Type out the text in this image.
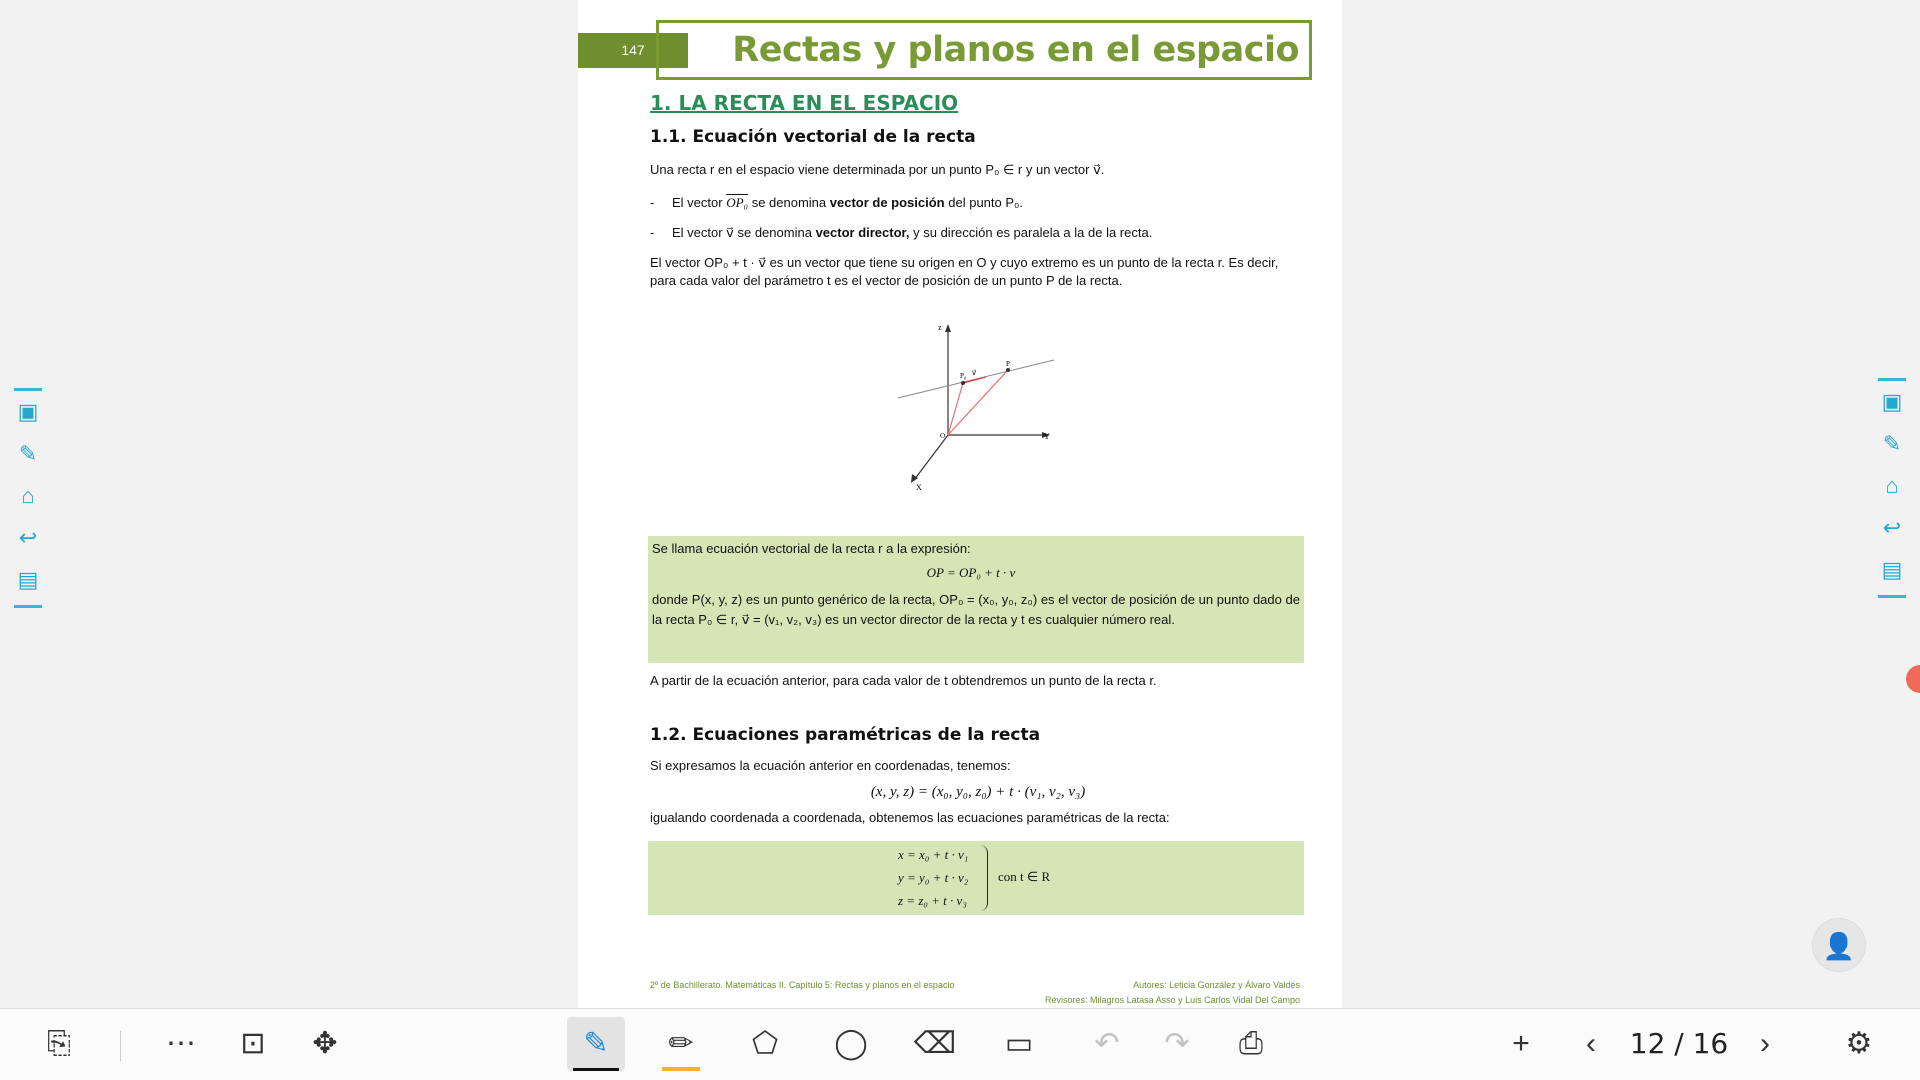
147	Rectas y planos en el espacio
1. LA RECTA EN EL ESPACIO
1.1. Ecuación vectorial de la recta
Una recta r en el espacio viene determinada por un punto P₀ ∈ r y un vector v⃗.
- El vector OP₀ se denomina vector de posición del punto P₀.
- El vector v⃗ se denomina vector director, y su dirección es paralela a la de la recta.
El vector OP₀ + t · v⃗ es un vector que tiene su origen en O y cuyo extremo es un punto de la recta r. Es decir, para cada valor del parámetro t es el vector de posición de un punto P de la recta.
z
Y
X
O
P₀
P
v⃗
Se llama ecuación vectorial de la recta r a la expresión:
OP = OP₀ + t · v⃗
donde P(x, y, z) es un punto genérico de la recta, OP₀ = (x₀, y₀, z₀) es el vector de posición de un punto dado de la recta P₀ ∈ r, v⃗ = (v₁, v₂, v₃) es un vector director de la recta y t es cualquier número real.
A partir de la ecuación anterior, para cada valor de t obtendremos un punto de la recta r.
1.2. Ecuaciones paramétricas de la recta
Si expresamos la ecuación anterior en coordenadas, tenemos:
(x, y, z) = (x₀, y₀, z₀) + t · (v₁, v₂, v₃)
igualando coordenada a coordenada, obtenemos las ecuaciones paramétricas de la recta:
x = x₀ + t · v₁
y = y₀ + t · v₂
z = z₀ + t · v₃
con t ∈ R
2º de Bachillerato. Matemáticas II. Capítulo 5: Rectas y planos en el espacio	Autores: Leticia González y Álvaro Valdés
Revisores: Milagros Latasa Asso y Luis Carlos Vidal Del Campo
▣
✎
⌂
↩
▤
▣
✎
⌂
↩
▤
👤
⎘	⋯	⊡	✥	✎	✏	⬠	◯	⌫	▭	↶	↷	⎙	+	‹	12 / 16	›	⚙
